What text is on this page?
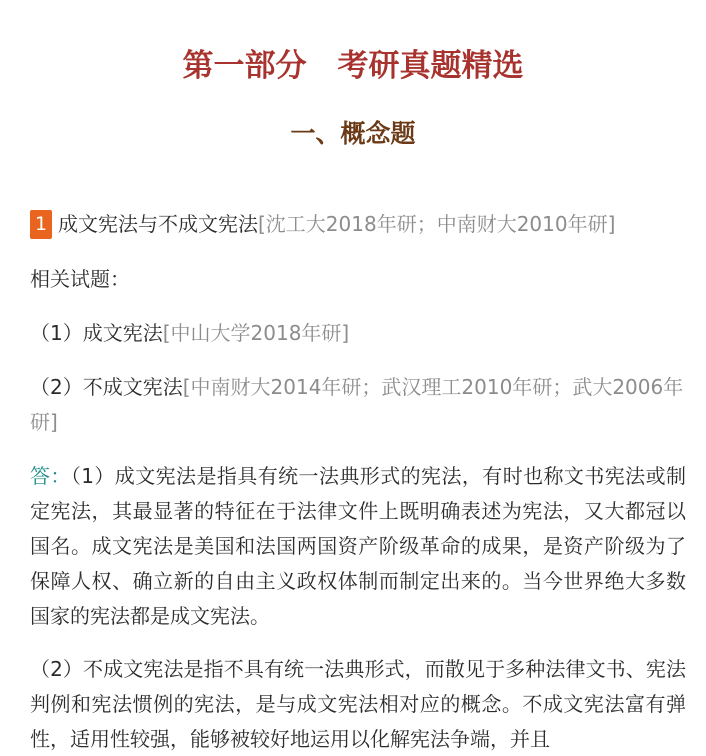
第一部分　考研真题精选
一、概念题
1 成文宪法与不成文宪法[沈工大2018年研；中南财大2010年研]
相关试题：
（1）成文宪法[中山大学2018年研]
（2）不成文宪法[中南财大2014年研；武汉理工2010年研；武大2006年研]
答：（1）成文宪法是指具有统一法典形式的宪法，有时也称文书宪法或制定宪法，其最显著的特征在于法律文件上既明确表述为宪法，又大都冠以国名。成文宪法是美国和法国两国资产阶级革命的成果，是资产阶级为了保障人权、确立新的自由主义政权体制而制定出来的。当今世界绝大多数国家的宪法都是成文宪法。
（2）不成文宪法是指不具有统一法典形式，而散见于多种法律文书、宪法判例和宪法惯例的宪法，是与成文宪法相对应的概念。不成文宪法富有弹性，适用性较强，能够被较好地运用以化解宪法争端，并且
